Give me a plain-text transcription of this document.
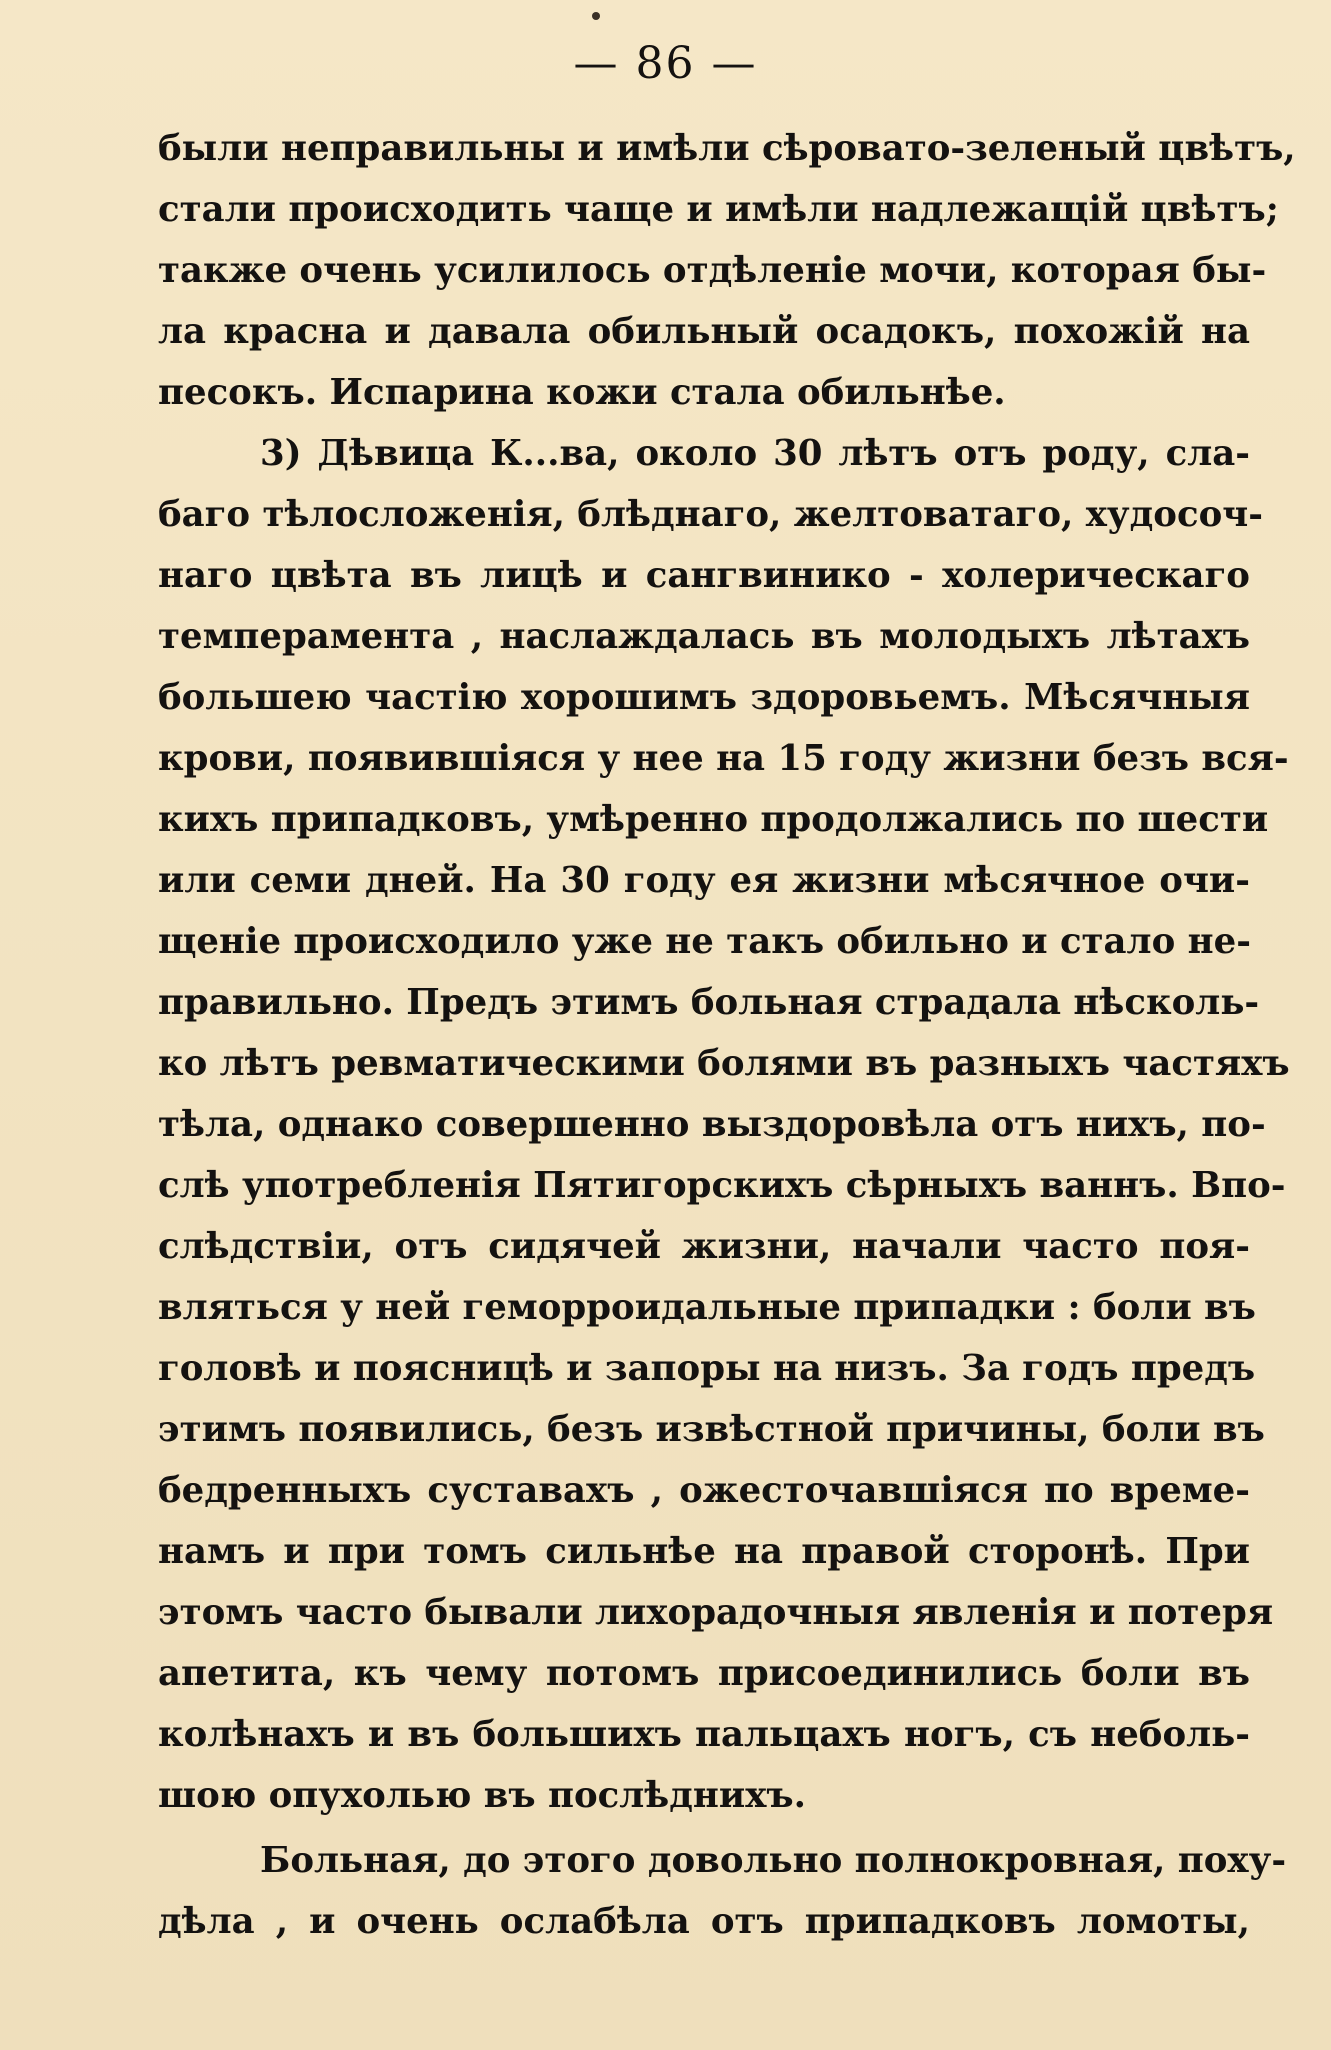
— 86 —
были неправильны и имѣли сѣровато-зеленый цвѣтъ,
стали происходить чаще и имѣли надлежащій цвѣтъ;
также очень усилилось отдѣленіе мочи, которая бы-
ла красна и давала обильный осадокъ, похожій на
песокъ. Испарина кожи стала обильнѣе.
3) Дѣвица К...ва, около 30 лѣтъ отъ роду, сла-
баго тѣлосложенія, блѣднаго, желтоватаго, худосоч-
наго цвѣта въ лицѣ и сангвинико - холерическаго
темперамента , наслаждалась въ молодыхъ лѣтахъ
большею частію хорошимъ здоровьемъ. Мѣсячныя
крови, появившіяся у нее на 15 году жизни безъ вся-
кихъ припадковъ, умѣренно продолжались по шести
или семи дней. На 30 году ея жизни мѣсячное очи-
щеніе происходило уже не такъ обильно и стало не-
правильно. Предъ этимъ больная страдала нѣсколь-
ко лѣтъ ревматическими болями въ разныхъ частяхъ
тѣла, однако совершенно выздоровѣла отъ нихъ, по-
слѣ употребленія Пятигорскихъ сѣрныхъ ваннъ. Впо-
слѣдствіи, отъ сидячей жизни, начали часто поя-
вляться у ней геморроидальные припадки : боли въ
головѣ и поясницѣ и запоры на низъ. За годъ предъ
этимъ появились, безъ извѣстной причины, боли въ
бедренныхъ суставахъ , ожесточавшіяся по време-
намъ и при томъ сильнѣе на правой сторонѣ. При
этомъ часто бывали лихорадочныя явленія и потеря
апетита, къ чему потомъ присоединились боли въ
колѣнахъ и въ большихъ пальцахъ ногъ, съ неболь-
шою опухолью въ послѣднихъ.
Больная, до этого довольно полнокровная, поху-
дѣла , и очень ослабѣла отъ припадковъ ломоты,
